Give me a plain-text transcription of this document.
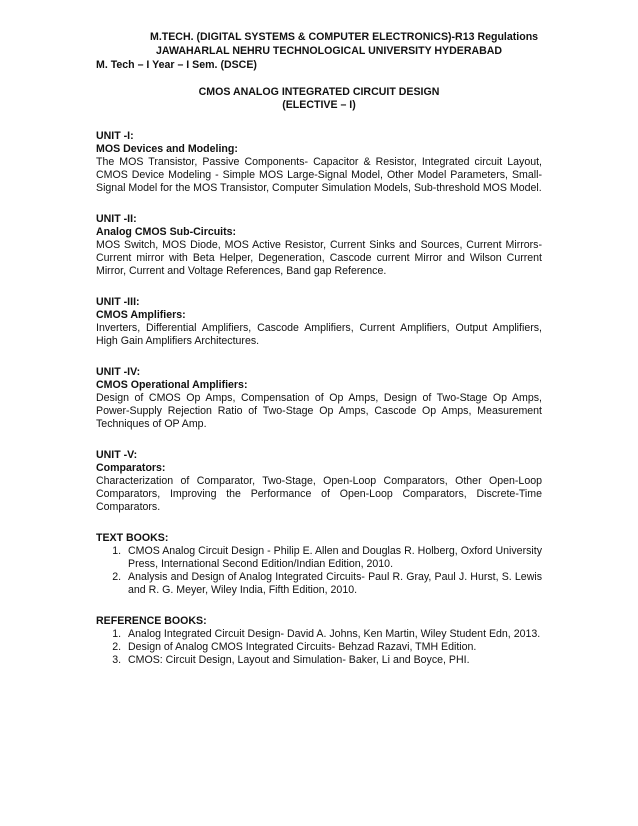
M.TECH. (DIGITAL SYSTEMS & COMPUTER ELECTRONICS)-R13 Regulations
JAWAHARLAL NEHRU TECHNOLOGICAL UNIVERSITY HYDERABAD
M. Tech – I Year – I Sem. (DSCE)
CMOS ANALOG INTEGRATED CIRCUIT DESIGN
(ELECTIVE – I)
UNIT -I:
MOS Devices and Modeling:
The MOS Transistor, Passive Components- Capacitor & Resistor, Integrated circuit Layout, CMOS Device Modeling - Simple MOS Large-Signal Model, Other Model Parameters, Small-Signal Model for the MOS Transistor, Computer Simulation Models, Sub-threshold MOS Model.
UNIT -II:
Analog CMOS Sub-Circuits:
MOS Switch, MOS Diode, MOS Active Resistor, Current Sinks and Sources, Current Mirrors-Current mirror with Beta Helper, Degeneration, Cascode current Mirror and Wilson Current Mirror, Current and Voltage References, Band gap Reference.
UNIT -III:
CMOS Amplifiers:
Inverters, Differential Amplifiers, Cascode Amplifiers, Current Amplifiers, Output Amplifiers, High Gain Amplifiers Architectures.
UNIT -IV:
CMOS Operational Amplifiers:
Design of CMOS Op Amps, Compensation of Op Amps, Design of Two-Stage Op Amps, Power-Supply Rejection Ratio of Two-Stage Op Amps, Cascode Op Amps, Measurement Techniques of OP Amp.
UNIT -V:
Comparators:
Characterization of Comparator, Two-Stage, Open-Loop Comparators, Other Open-Loop Comparators, Improving the Performance of Open-Loop Comparators, Discrete-Time Comparators.
TEXT BOOKS:
1. CMOS Analog Circuit Design - Philip E. Allen and Douglas R. Holberg, Oxford University Press, International Second Edition/Indian Edition, 2010.
2. Analysis and Design of Analog Integrated Circuits- Paul R. Gray, Paul J. Hurst, S. Lewis and R. G. Meyer, Wiley India, Fifth Edition, 2010.
REFERENCE BOOKS:
1. Analog Integrated Circuit Design- David A. Johns, Ken Martin, Wiley Student Edn, 2013.
2. Design of Analog CMOS Integrated Circuits- Behzad Razavi, TMH Edition.
3. CMOS: Circuit Design, Layout and Simulation- Baker, Li and Boyce, PHI.
